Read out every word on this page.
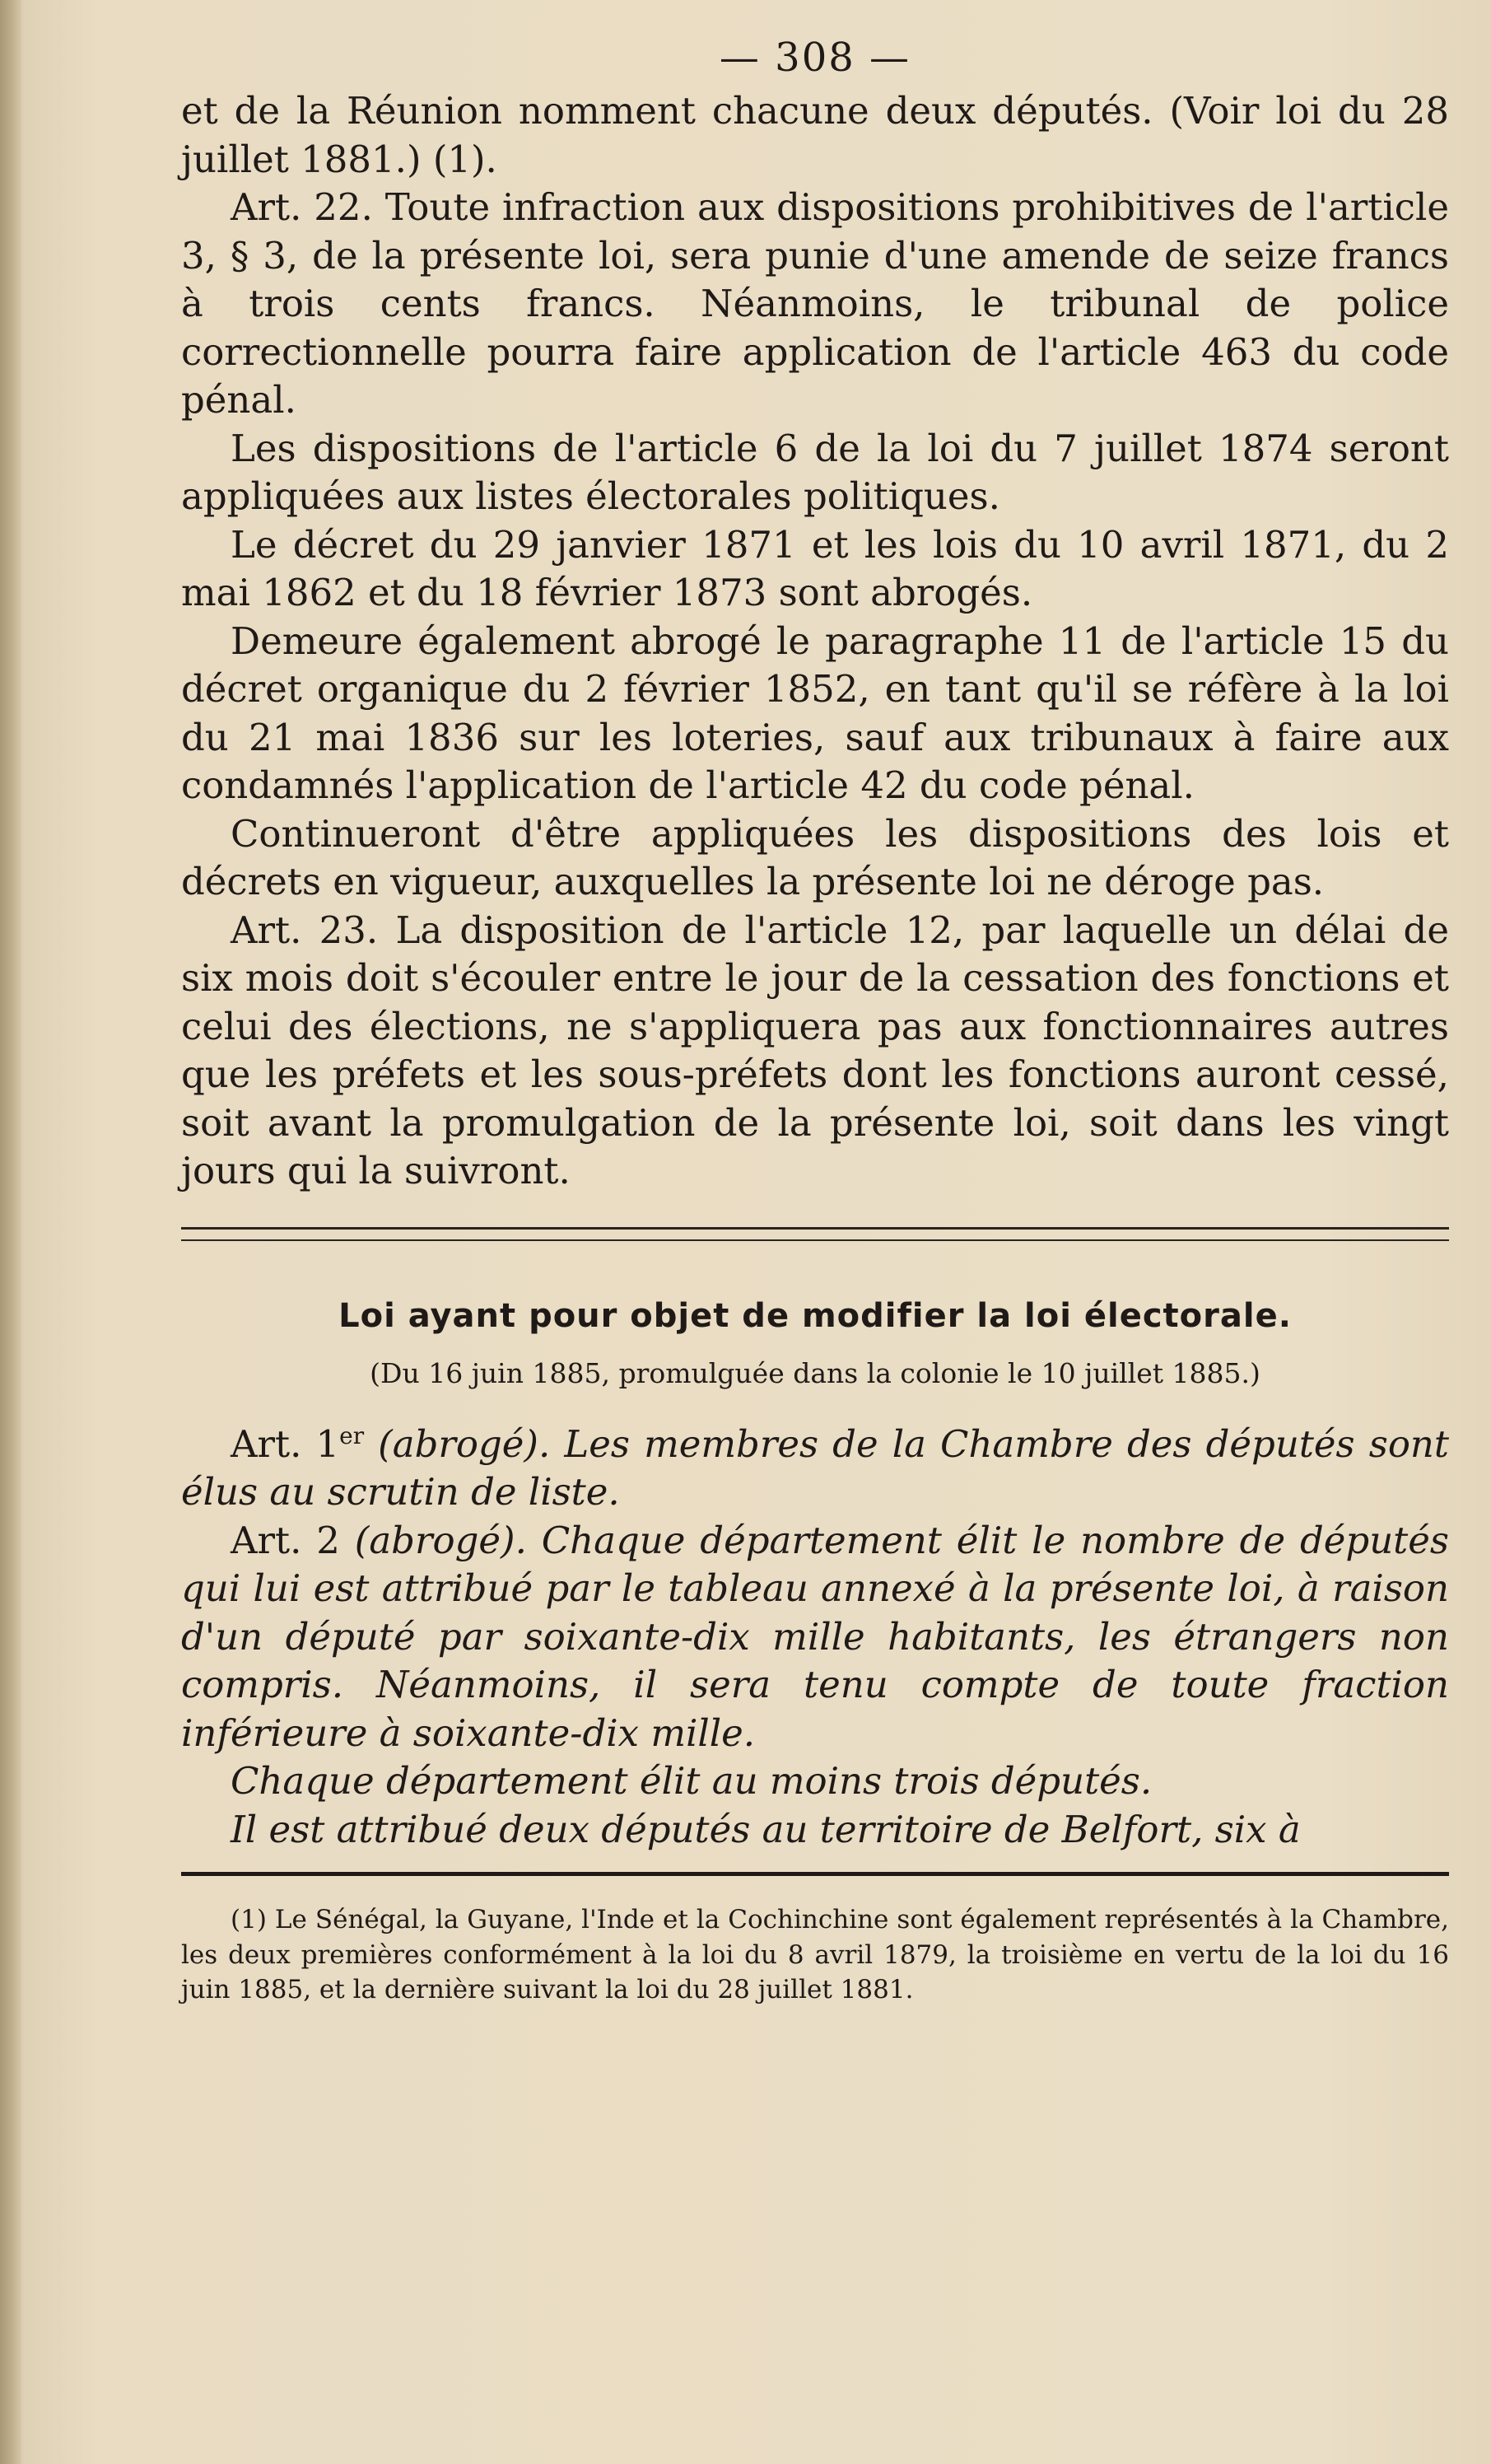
— 308 —

et de la Réunion nomment chacune deux députés. (Voir loi du 28 juillet 1881.) (1).

Art. 22. Toute infraction aux dispositions prohibitives de l'article 3, § 3, de la présente loi, sera punie d'une amende de seize francs à trois cents francs. Néanmoins, le tribunal de police correctionnelle pourra faire application de l'article 463 du code pénal.

Les dispositions de l'article 6 de la loi du 7 juillet 1874 seront appliquées aux listes électorales politiques.

Le décret du 29 janvier 1871 et les lois du 10 avril 1871, du 2 mai 1862 et du 18 février 1873 sont abrogés.

Demeure également abrogé le paragraphe 11 de l'article 15 du décret organique du 2 février 1852, en tant qu'il se réfère à la loi du 21 mai 1836 sur les loteries, sauf aux tribunaux à faire aux condamnés l'application de l'article 42 du code pénal.

Continueront d'être appliquées les dispositions des lois et décrets en vigueur, auxquelles la présente loi ne déroge pas.

Art. 23. La disposition de l'article 12, par laquelle un délai de six mois doit s'écouler entre le jour de la cessation des fonctions et celui des élections, ne s'appliquera pas aux fonctionnaires autres que les préfets et les sous-préfets dont les fonctions auront cessé, soit avant la promulgation de la présente loi, soit dans les vingt jours qui la suivront.

Loi ayant pour objet de modifier la loi électorale.
(Du 16 juin 1885, promulguée dans la colonie le 10 juillet 1885.)

Art. 1er (abrogé). Les membres de la Chambre des députés sont élus au scrutin de liste.

Art. 2 (abrogé). Chaque département élit le nombre de députés qui lui est attribué par le tableau annexé à la présente loi, à raison d'un député par soixante-dix mille habitants, les étrangers non compris. Néanmoins, il sera tenu compte de toute fraction inférieure à soixante-dix mille.

Chaque département élit au moins trois députés.

Il est attribué deux députés au territoire de Belfort, six à

(1) Le Sénégal, la Guyane, l'Inde et la Cochinchine sont également représentés à la Chambre, les deux premières conformément à la loi du 8 avril 1879, la troisième en vertu de la loi du 16 juin 1885, et la dernière suivant la loi du 28 juillet 1881.
